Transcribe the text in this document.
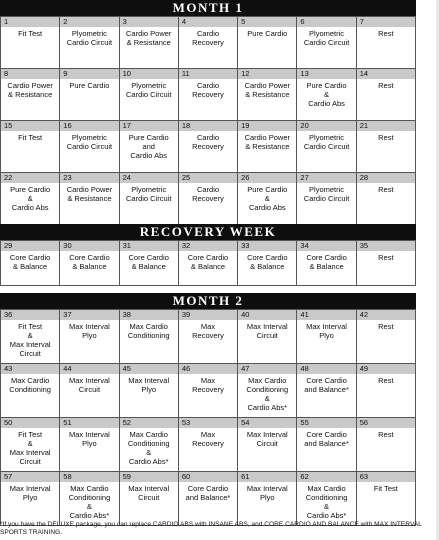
MONTH 1
1
Fit Test
2
Plyometric
Cardio Circuit
3
Cardio Power
& Resistance
4
Cardio
Recovery
5
Pure Cardio
6
Plyometric
Cardio Circuit
7
Rest
8
Cardio Power
& Resistance
9
Pure Cardio
10
Plyometric
Cardio Circuit
11
Cardio
Recovery
12
Cardio Power
& Resistance
13
Pure Cardio
&
Cardio Abs
14
Rest
15
Fit Test
16
Plyometric
Cardio Circuit
17
Pure Cardio
and
Cardio Abs
18
Cardio
Recovery
19
Cardio Power
& Resistance
20
Plyometric
Cardio Circuit
21
Rest
22
Pure Cardio
&
Cardio Abs
23
Cardio Power
& Resistance
24
Plyometric
Cardio Circuit
25
Cardio
Recovery
26
Pure Cardio
&
Cardio Abs
27
Plyometric
Cardio Circuit
28
Rest
RECOVERY WEEK
29
Core Cardio
& Balance
30
Core Cardio
& Balance
31
Core Cardio
& Balance
32
Core Cardio
& Balance
33
Core Cardio
& Balance
34
Core Cardio
& Balance
35
Rest
MONTH 2
36
Fit Test
&
Max Interval
Circuit
37
Max Interval
Plyo
38
Max Cardio
Conditioning
39
Max
Recovery
40
Max Interval
Circuit
41
Max Interval
Plyo
42
Rest
43
Max Cardio
Conditioning
44
Max Interval
Circuit
45
Max Interval
Plyo
46
Max
Recovery
47
Max Cardio
Conditioning
&
Cardio Abs*
48
Core Cardio
and Balance*
49
Rest
50
Fit Test
&
Max Interval
Circuit
51
Max Interval
Plyo
52
Max Cardio
Conditioning
&
Cardio Abs*
53
Max
Recovery
54
Max Interval
Circuit
55
Core Cardio
and Balance*
56
Rest
57
Max Interval
Plyo
58
Max Cardio
Conditioning
&
Cardio Abs*
59
Max Interval
Circuit
60
Core Cardio
and Balance*
61
Max Interval
Plyo
62
Max Cardio
Conditioning
&
Cardio Abs*
63
Fit Test
*If you have the DELUXE package, you can replace CARDIO ABS with INSANE ABS, and CORE CARDIO AND BALANCE with MAX INTERVAL SPORTS TRAINING.
